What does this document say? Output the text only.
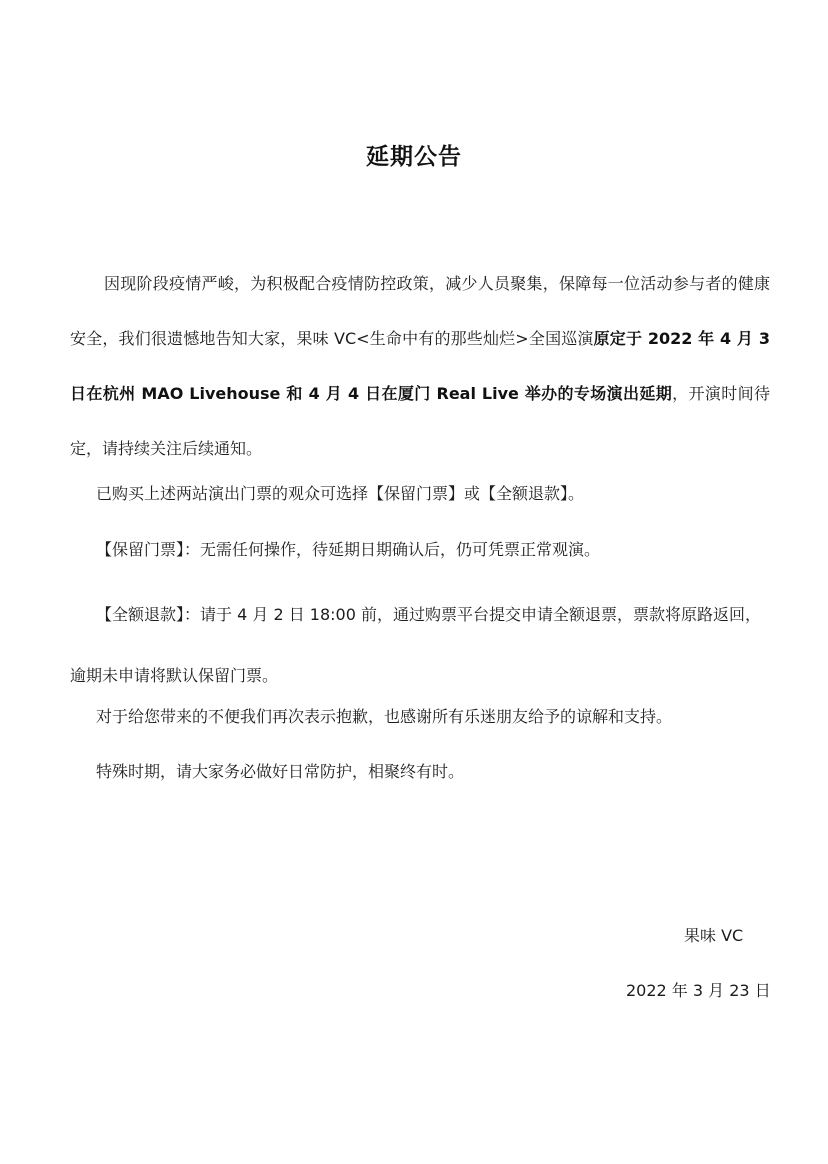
延期公告
因现阶段疫情严峻，为积极配合疫情防控政策，减少人员聚集，保障每一位活动参与者的健康安全，我们很遗憾地告知大家，果味 VC<生命中有的那些灿烂>全国巡演原定于 2022 年 4 月 3 日在杭州 MAO Livehouse 和 4 月 4 日在厦门 Real Live 举办的专场演出延期，开演时间待定，请持续关注后续通知。
已购买上述两站演出门票的观众可选择【保留门票】或【全额退款】。
【保留门票】：无需任何操作，待延期日期确认后，仍可凭票正常观演。
【全额退款】：请于 4 月 2 日 18:00 前，通过购票平台提交申请全额退票，票款将原路返回，逾期未申请将默认保留门票。
对于给您带来的不便我们再次表示抱歉，也感谢所有乐迷朋友给予的谅解和支持。
特殊时期，请大家务必做好日常防护，相聚终有时。
果味 VC
2022 年 3 月 23 日
